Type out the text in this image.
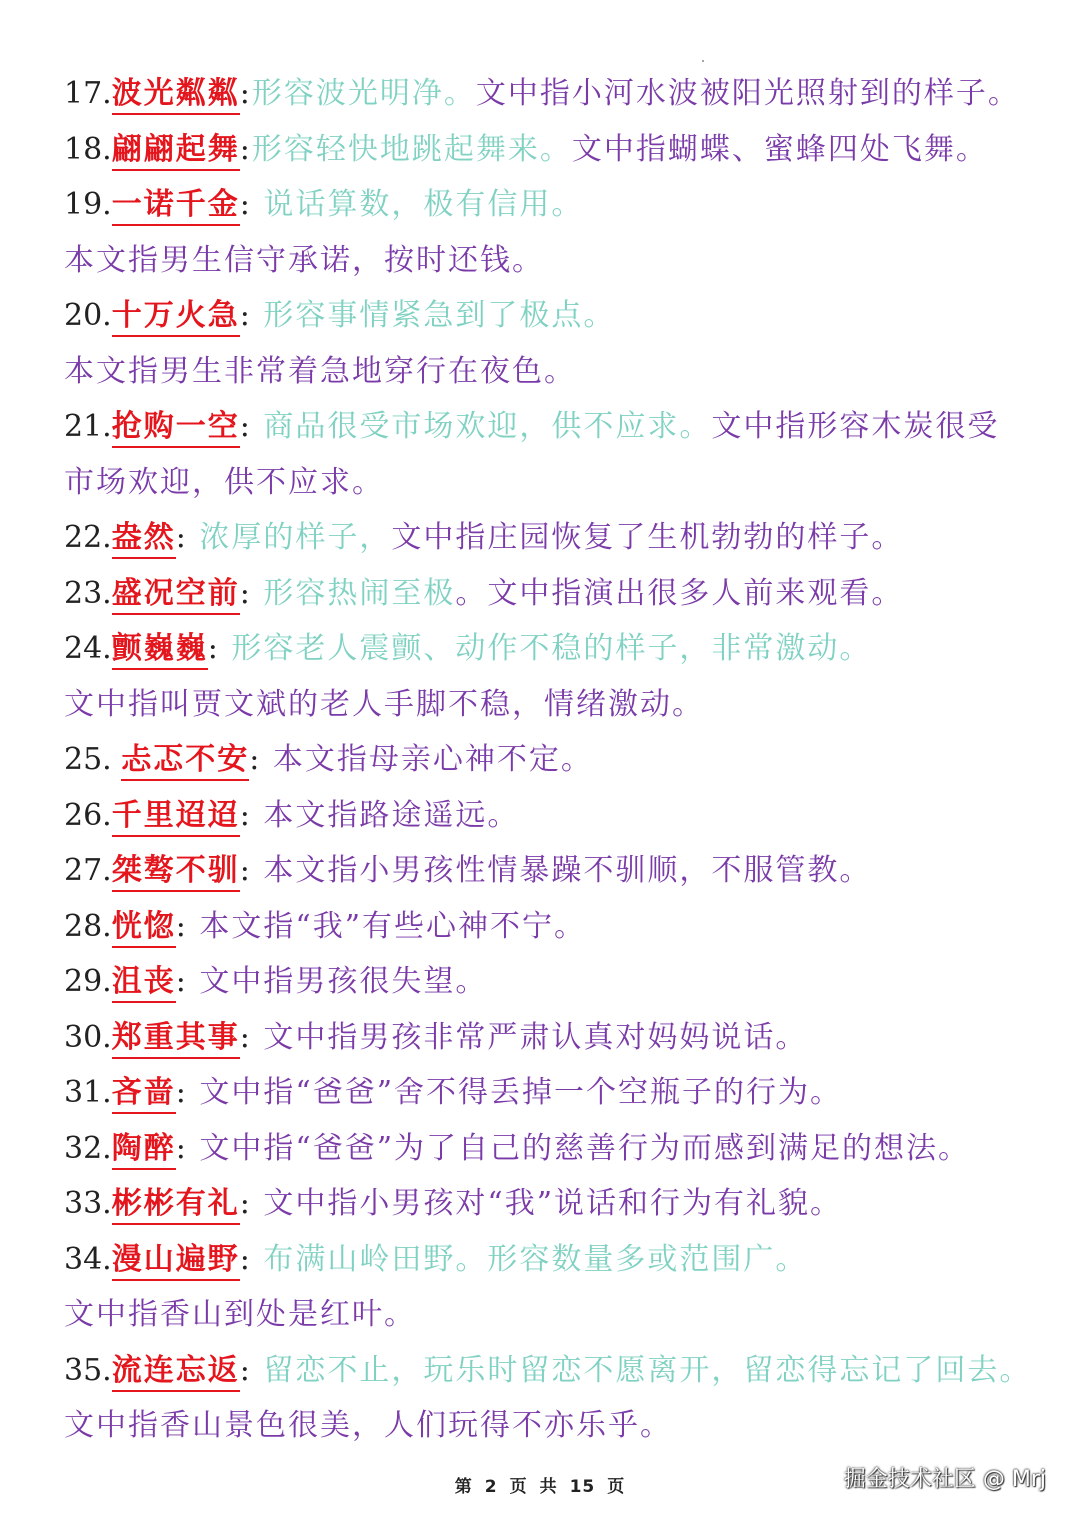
17.波光粼粼:形容波光明净。文中指小河水波被阳光照射到的样子。
18.翩翩起舞:形容轻快地跳起舞来。文中指蝴蝶、蜜蜂四处飞舞。
19.一诺千金: 说话算数，极有信用。
本文指男生信守承诺，按时还钱。
20.十万火急: 形容事情紧急到了极点。
本文指男生非常着急地穿行在夜色。
21.抢购一空: 商品很受市场欢迎，供不应求。文中指形容木炭很受
市场欢迎，供不应求。
22.盎然: 浓厚的样子，文中指庄园恢复了生机勃勃的样子。
23.盛况空前: 形容热闹至极。文中指演出很多人前来观看。
24.颤巍巍: 形容老人震颤、动作不稳的样子，非常激动。
文中指叫贾文斌的老人手脚不稳，情绪激动。
25. 忐忑不安: 本文指母亲心神不定。
26.千里迢迢: 本文指路途遥远。
27.桀骜不驯: 本文指小男孩性情暴躁不驯顺，不服管教。
28.恍惚: 本文指“我”有些心神不宁。
29.沮丧: 文中指男孩很失望。
30.郑重其事: 文中指男孩非常严肃认真对妈妈说话。
31.吝啬: 文中指“爸爸”舍不得丢掉一个空瓶子的行为。
32.陶醉: 文中指“爸爸”为了自己的慈善行为而感到满足的想法。
33.彬彬有礼: 文中指小男孩对“我”说话和行为有礼貌。
34.漫山遍野: 布满山岭田野。形容数量多或范围广。
文中指香山到处是红叶。
35.流连忘返: 留恋不止，玩乐时留恋不愿离开，留恋得忘记了回去。
文中指香山景色很美，人们玩得不亦乐乎。
第 2 页 共 15 页	掘金技术社区 @ Mrj
